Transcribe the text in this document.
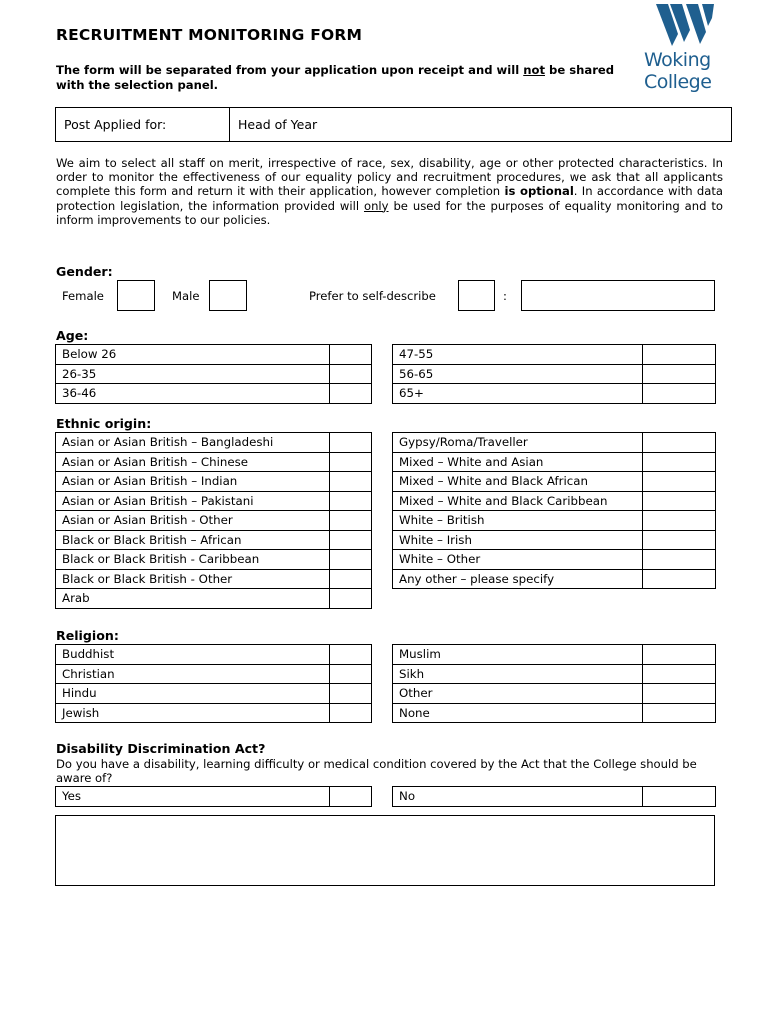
RECRUITMENT MONITORING FORM
The form will be separated from your application upon receipt and will not be shared with the selection panel.
Woking
College
Post Applied for:	Head of Year
We aim to select all staff on merit, irrespective of race, sex, disability, age or other protected characteristics. In order to monitor the effectiveness of our equality policy and recruitment procedures, we ask that all applicants complete this form and return it with their application, however completion is optional. In accordance with data protection legislation, the information provided will only be used for the purposes of equality monitoring and to inform improvements to our policies.
Gender:
Female	Male	Prefer to self-describe	:
Age:
Below 26	
26-35	
36-46	
47-55	
56-65	
65+	
Ethnic origin:
Asian or Asian British – Bangladeshi	
Asian or Asian British – Chinese	
Asian or Asian British – Indian	
Asian or Asian British – Pakistani	
Asian or Asian British - Other	
Black or Black British – African	
Black or Black British - Caribbean	
Black or Black British - Other	
Arab	
Gypsy/Roma/Traveller	
Mixed – White and Asian	
Mixed – White and Black African	
Mixed – White and Black Caribbean	
White – British	
White – Irish	
White – Other	
Any other – please specify	
Religion:
Buddhist	
Christian	
Hindu	
Jewish	
Muslim	
Sikh	
Other	
None	
Disability Discrimination Act?
Do you have a disability, learning difficulty or medical condition covered by the Act that the College should be aware of?
Yes		No	
